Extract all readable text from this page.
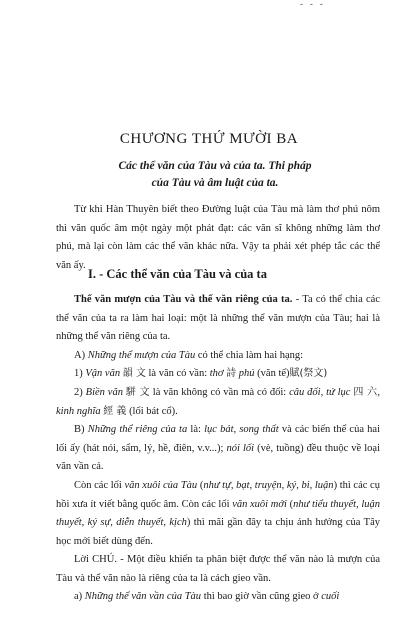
- - -
CHƯƠNG THỨ MƯỜI BA
Các thể văn của Tàu và của ta. Thi pháp
của Tàu và âm luật của ta.

Từ khi Hàn Thuyên biết theo Đường luật của Tàu mà làm thơ phú nôm thì văn quốc âm một ngày một phát đạt: các văn sĩ không những làm thơ phú, mà lại còn làm các thể văn khác nữa. Vậy ta phải xét phép tắc các thể văn ấy.

I. - Các thể văn của Tàu và của ta

Thể văn mượn của Tàu và thể văn riêng của ta. - Ta có thể chia các thể văn của ta ra làm hai loại: một là những thể văn mượn của Tàu; hai là những thể văn riêng của ta.

A) Những thể mượn của Tàu có thể chia làm hai hạng:

1) Vận văn 韻 文 là văn có vần: thơ 詩 phú (văn tế)賦(祭文)

2) Biền văn 駢 文 là văn không có vần mà có đối: câu đối, tứ lục 四 六, kinh nghĩa 經 義 (lối bát cổ).

B) Những thể riêng của ta là: lục bát, song thất và các biến thể của hai lối ấy (hát nói, sẩm, lý, hề, điên, v.v...); nói lối (vè, tuồng) đều thuộc về loại văn vần cả.

Còn các lối văn xuôi của Tàu (như tự, bạt, truyện, ký, bi, luận) thì các cụ hồi xưa ít viết bằng quốc âm. Còn các lối văn xuôi mới (như tiểu thuyết, luận thuyết, ký sự, diễn thuyết, kịch) thì mãi gần đây ta chịu ảnh hưởng của Tây học mới biết dùng đến.

Lời CHÚ. - Một điều khiến ta phân biệt được thể văn nào là mượn của Tàu và thể văn nào là riêng của ta là cách gieo vần.

a) Những thể văn vần của Tàu thì bao giờ vần cũng gieo ở cuối
